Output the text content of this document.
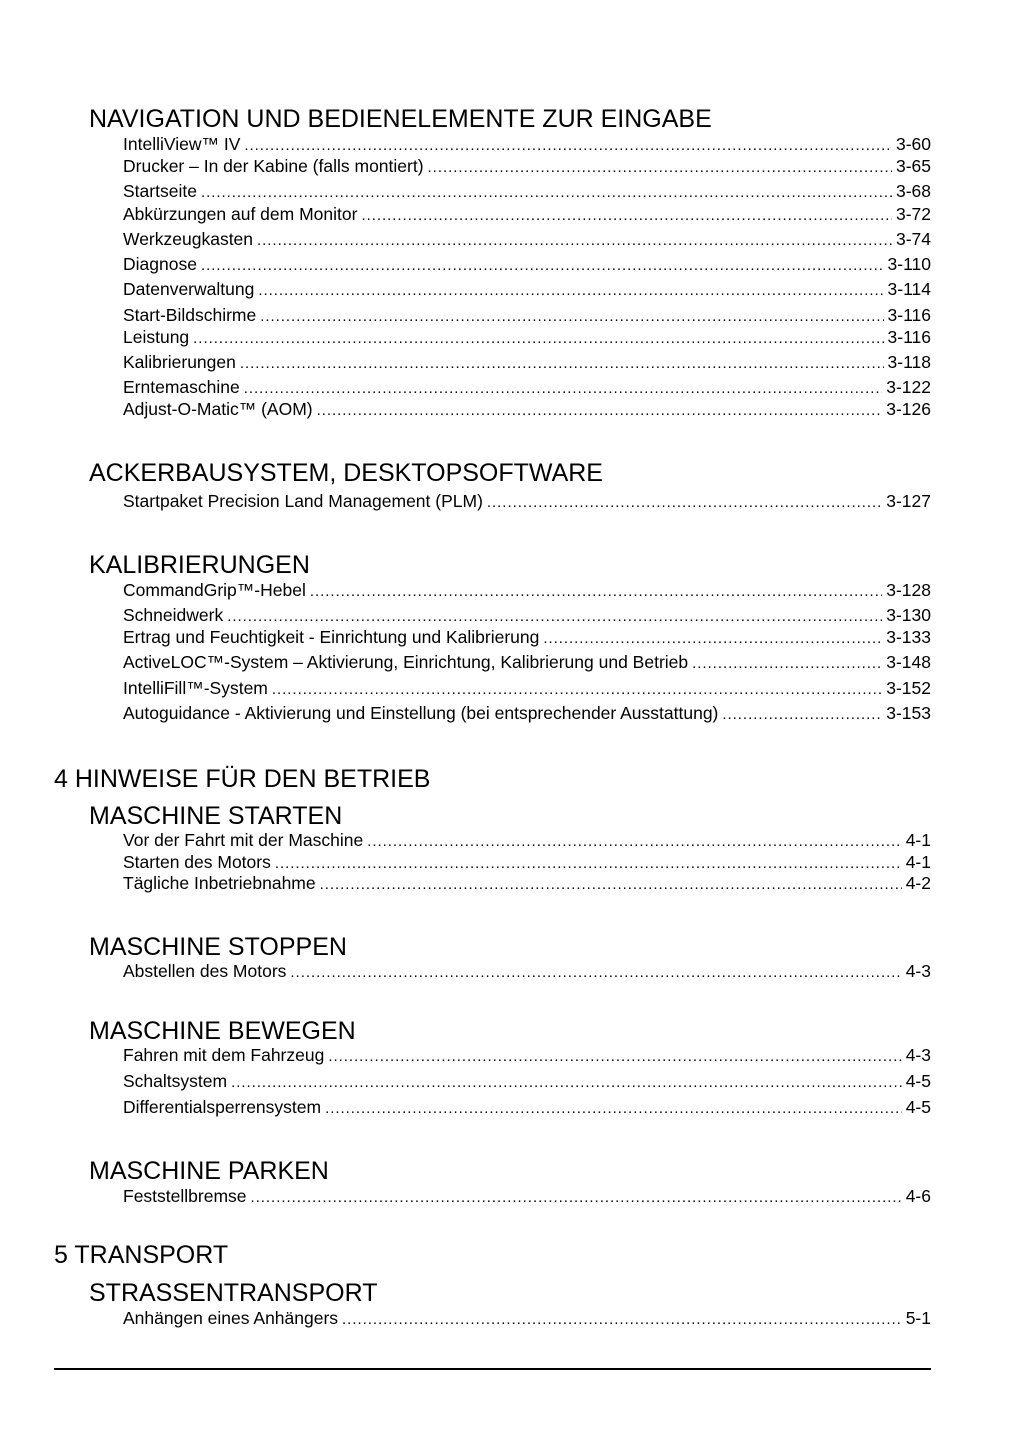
NAVIGATION UND BEDIENELEMENTE ZUR EINGABE
IntelliView™ IV . . .	3-60
Drucker – In der Kabine (falls montiert) . . .	3-65
Startseite . . .	3-68
Abkürzungen auf dem Monitor . . .	3-72
Werkzeugkasten . . .	3-74
Diagnose . . .	3-110
Datenverwaltung . . .	3-114
Start-Bildschirme . . .	3-116
Leistung . . .	3-116
Kalibrierungen . . .	3-118
Erntemaschine . . .	3-122
Adjust-O-Matic™ (AOM) . . .	3-126
ACKERBAUSYSTEM, DESKTOPSOFTWARE
Startpaket Precision Land Management (PLM) . . .	3-127
KALIBRIERUNGEN
CommandGrip™-Hebel . . .	3-128
Schneidwerk . . .	3-130
Ertrag und Feuchtigkeit - Einrichtung und Kalibrierung . . .	3-133
ActiveLOC™-System – Aktivierung, Einrichtung, Kalibrierung und Betrieb . . .	3-148
IntelliFill™-System . . .	3-152
Autoguidance - Aktivierung und Einstellung (bei entsprechender Ausstattung) . . .	3-153
4 HINWEISE FÜR DEN BETRIEB
MASCHINE STARTEN
Vor der Fahrt mit der Maschine . . .	4-1
Starten des Motors . . .	4-1
Tägliche Inbetriebnahme . . .	4-2
MASCHINE STOPPEN
Abstellen des Motors . . .	4-3
MASCHINE BEWEGEN
Fahren mit dem Fahrzeug . . .	4-3
Schaltsystem . . .	4-5
Differentialsperrensystem . . .	4-5
MASCHINE PARKEN
Feststellbremse . . .	4-6
5 TRANSPORT
STRASSENTRANSPORT
Anhängen eines Anhängers . . .	5-1
